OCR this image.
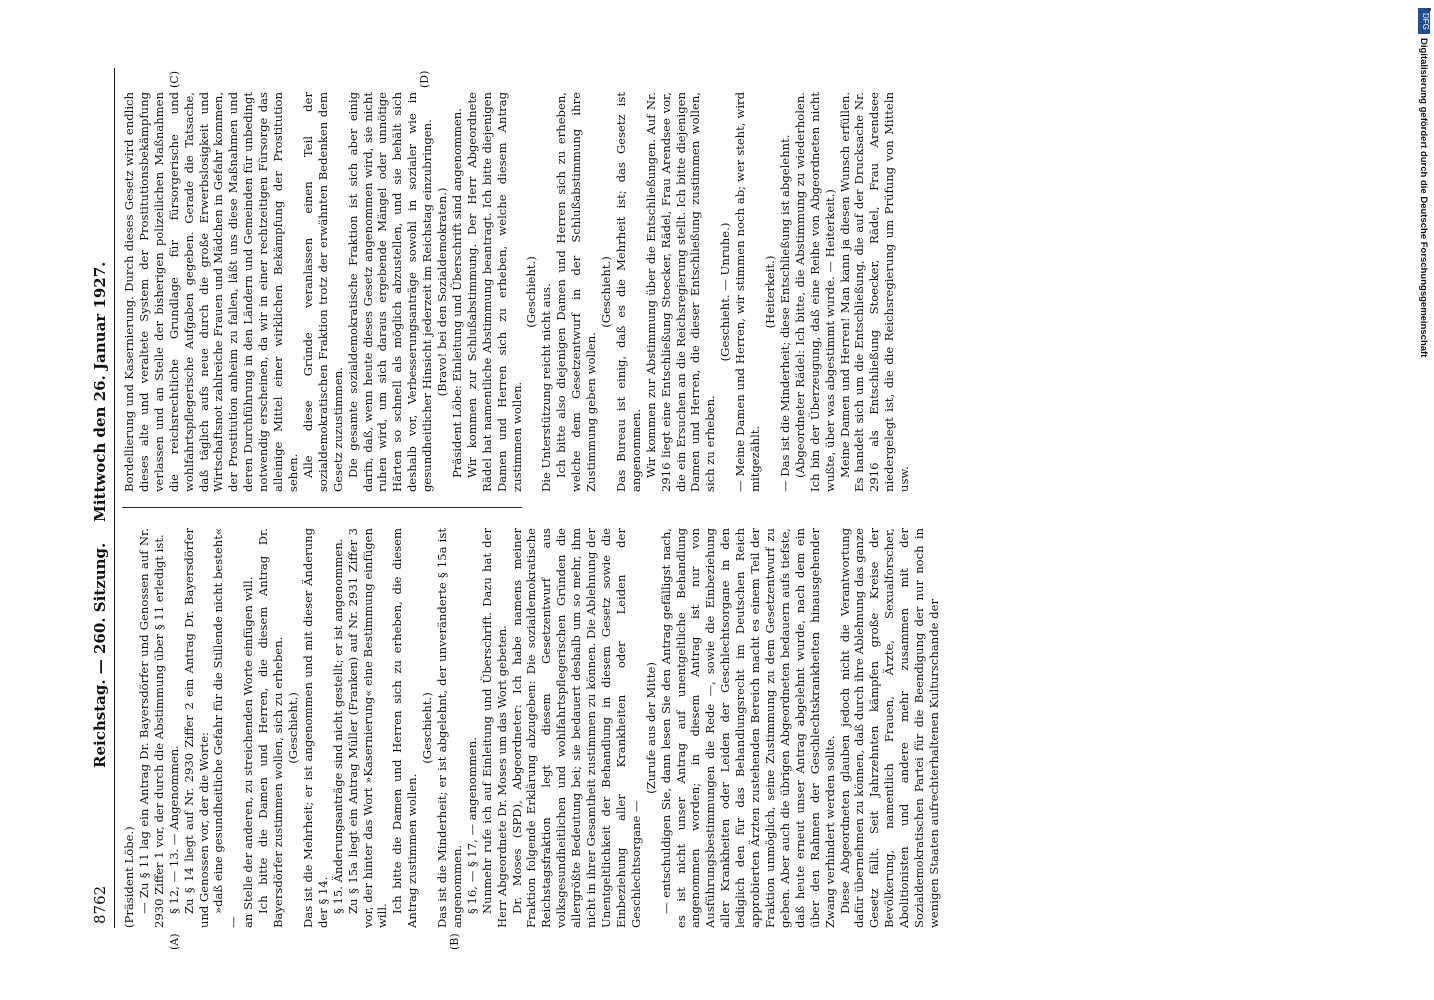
8762
Reichstag. — 260. Sitzung.    Mittwoch den 26. Januar 1927.
(A)	(B)
(C)	(D)

(Präsident Löbe.) — Zu § 11 lag ein Antrag Dr. Bayersdörfer und Genossen auf Nr. 2930 Ziffer 1 vor, der durch die Abstimmung über § 11 erledigt ist. § 12, — 13. — Angenommen. Zu § 14 liegt auf Nr. 2930 Ziffer 2 ein Antrag Dr. Bayersdörfer und Genossen vor, der die Worte: »daß eine gesundheitliche Gefahr für die Stillende nicht besteht« — an Stelle der anderen, zu streichenden Worte einfügen will. Ich bitte die Damen und Herren, die diesem Antrag Dr. Bayersdörfer zustimmen wollen, sich zu erheben. (Geschieht.) Das ist die Mehrheit; er ist angenommen und mit dieser Änderung der § 14. § 15. Änderungsanträge sind nicht gestellt; er ist angenommen. Zu § 15a liegt ein Antrag Müller (Franken) auf Nr. 2931 Ziffer 3 vor, der hinter das Wort »Kasernierung« eine Bestimmung einfügen will.

Ich bitte die Damen und Herren sich zu erheben, die diesem Antrag zustimmen wollen.

(Geschieht.) Das ist die Minderheit; er ist abgelehnt, der unveränderte § 15a ist angenommen. § 16, — § 17, — angenommen. Nunmehr rufe ich auf Einleitung und Überschrift. Dazu hat der Herr Abgeordnete Dr. Moses um das Wort gebeten. Dr. Moses (SPD), Abgeordneter: Ich habe namens meiner Fraktion folgende Erklärung abzugeben: Die sozialdemokratische Reichstagsfraktion legt diesem Gesetzentwurf aus volksgesundheitlichen und wohlfahrtspflegerischen Gründen die allergrößte Bedeutung bei; sie bedauert deshalb um so mehr, ihm nicht in ihrer Gesamtheit zustimmen zu können. Die Ablehnung der Unentgeltlichkeit der Behandlung in diesem Gesetz sowie die Einbeziehung aller Krankheiten oder Leiden der Geschlechtsorgane —

(Zurufe aus der Mitte) — entschuldigen Sie, dann lesen Sie den Antrag gefälligst nach, es ist nicht unser Antrag auf unentgeltliche Behandlung angenommen worden; in diesem Antrag ist nur von Ausführungsbestimmungen die Rede —, sowie die Einbeziehung aller Krankheiten oder Leiden der Geschlechtsorgane in den lediglich den für das Behandlungsrecht im Deutschen Reich approbierten Ärzten zustehenden Bereich macht es einem Teil der Fraktion unmöglich, seine Zustimmung zu dem Gesetzentwurf zu geben. Aber auch die übrigen Abgeordneten bedauern aufs tiefste, daß heute erneut unser Antrag abgelehnt wurde, nach dem ein über den Rahmen der Geschlechtskrankheiten hinausgehender Zwang verhindert werden sollte. Diese Abgeordneten glauben jedoch nicht die Verantwortung dafür übernehmen zu können, daß durch ihre Ablehnung das ganze Gesetz fällt. Seit Jahrzehnten kämpfen große Kreise der Bevölkerung, namentlich Frauen, Ärzte, Sexualforscher, Abolitionisten und andere mehr zusammen mit der Sozialdemokratischen Partei für die Beendigung der nur noch in wenigen Staaten aufrechterhaltenen Kulturschande der

Bordellierung und Kasernierung. Durch dieses Gesetz wird endlich dieses alte und veraltete System der Prostitutionsbekämpfung verlassen und an Stelle der bisherigen polizeilichen Maßnahmen die reichsrechtliche Grundlage für fürsorgerische und wohlfahrtspflegerische Aufgaben gegeben. Gerade die Tatsache, daß täglich aufs neue durch die große Erwerbslosigkeit und Wirtschaftsnot zahlreiche Frauen und Mädchen in Gefahr kommen, der Prostitution anheim zu fallen, läßt uns diese Maßnahmen und deren Durchführung in den Ländern und Gemeinden für unbedingt notwendig erscheinen, da wir in einer rechtzeitigen Fürsorge das alleinige Mittel einer wirklichen Bekämpfung der Prostitution sehen. Alle diese Gründe veranlassen einen Teil der sozialdemokratischen Fraktion trotz der erwähnten Bedenken dem Gesetz zuzustimmen. Die gesamte sozialdemokratische Fraktion ist sich aber einig darin, daß, wenn heute dieses Gesetz angenommen wird, sie nicht ruhen wird, um sich daraus ergebende Mängel oder unnötige Härten so schnell als möglich abzustellen, und sie behält sich deshalb vor, Verbesserungsanträge sowohl in sozialer wie in gesundheitlicher Hinsicht jederzeit im Reichstag einzubringen. (Bravo! bei den Sozialdemokraten.) Präsident Löbe: Einleitung und Überschrift sind angenommen. Wir kommen zur Schlußabstimmung. Der Herr Abgeordnete Rädel hat namentliche Abstimmung beantragt. Ich bitte diejenigen Damen und Herren sich zu erheben, welche diesem Antrag zustimmen wollen.

(Geschieht.) Die Unterstützung reicht nicht aus. Ich bitte also diejenigen Damen und Herren sich zu erheben, welche dem Gesetzentwurf in der Schlußabstimmung ihre Zustimmung geben wollen.

(Geschieht.) Das Bureau ist einig, daß es die Mehrheit ist; das Gesetz ist angenommen. Wir kommen zur Abstimmung über die Entschließungen. Auf Nr. 2916 liegt eine Entschließung Stoecker, Rädel, Frau Arendsee vor, die ein Ersuchen an die Reichsregierung stellt. Ich bitte diejenigen Damen und Herren, die dieser Entschließung zustimmen wollen, sich zu erheben.

(Geschieht. — Unruhe.) — Meine Damen und Herren, wir stimmen noch ab; wer steht, wird mitgezählt.

(Heiterkeit.) — Das ist die Minderheit; diese Entschließung ist abgelehnt. (Abgeordneter Rädel: Ich bitte, die Abstimmung zu wiederholen. Ich bin der Überzeugung, daß eine Reihe von Abgeordneten nicht wußte, über was abgestimmt wurde. — Heiterkeit.) Meine Damen und Herren! Man kann ja diesen Wunsch erfüllen. Es handelt sich um die Entschließung, die auf der Drucksache Nr. 2916 als Entschließung Stoecker, Rädel, Frau Arendsee niedergelegt ist, die die Reichsregierung um Prüfung von Mitteln usw.

DFG
Digitalisierung gefördert durch die Deutsche Forschungsgemeinschaft
